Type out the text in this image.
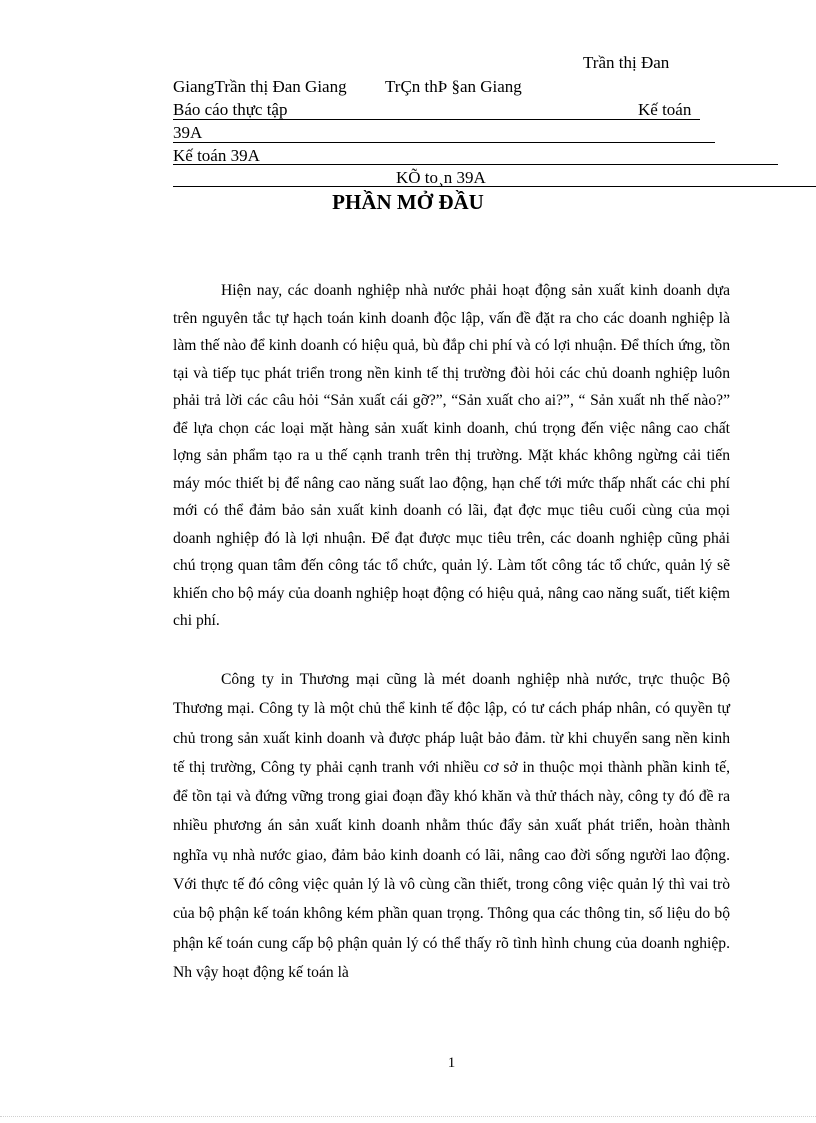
Trần thị Đan
GiangTrần thị Đan Giang TrÇn thÞ §an Giang
Báo cáo thực tập	Kế toán
39A
Kế toán 39A
KÕ to¸n 39A
PHẦN MỞ ĐẦU

Hiện nay, các doanh nghiệp nhà nước phải hoạt động sản xuất kinh doanh dựa trên nguyên tắc tự hạch toán kinh doanh độc lập, vấn đề đặt ra cho các doanh nghiệp là làm thế nào để kinh doanh có hiệu quả, bù đắp chi phí và có lợi nhuận. Để thích ứng, tồn tại và tiếp tục phát triển trong nền kinh tế thị trường đòi hỏi các chủ doanh nghiệp luôn phải trả lời các câu hỏi “Sản xuất cái gỡ?”, “Sản xuất cho ai?”, “ Sản xuất nh thế nào?” để lựa chọn các loại mặt hàng sản xuất kinh doanh, chú trọng đến việc nâng cao chất lợng sản phẩm tạo ra u thế cạnh tranh trên thị trường. Mặt khác không ngừng cải tiến máy móc thiết bị để nâng cao năng suất lao động, hạn chế tới mức thấp nhất các chi phí mới có thể đảm bảo sản xuất kinh doanh có lãi, đạt đợc mục tiêu cuối cùng của mọi doanh nghiệp đó là lợi nhuận. Để đạt được mục tiêu trên, các doanh nghiệp cũng phải chú trọng quan tâm đến công tác tổ chức, quản lý. Làm tốt công tác tổ chức, quản lý sẽ khiến cho bộ máy của doanh nghiệp hoạt động có hiệu quả, nâng cao năng suất, tiết kiệm chi phí.

Công ty in Thương mại cũng là mét doanh nghiệp nhà nước, trực thuộc Bộ Thương mại. Công ty là một chủ thể kinh tế độc lập, có tư cách pháp nhân, có quyền tự chủ trong sản xuất kinh doanh và được pháp luật bảo đảm. từ khi chuyển sang nền kinh tế thị trường, Công ty phải cạnh tranh với nhiều cơ sở in thuộc mọi thành phần kinh tế, để tồn tại và đứng vững trong giai đoạn đầy khó khăn và thử thách này, công ty đó đề ra nhiều phương án sản xuất kinh doanh nhằm thúc đẩy sản xuất phát triển, hoàn thành nghĩa vụ nhà nước giao, đảm bảo kinh doanh có lãi, nâng cao đời sống người lao động. Với thực tế đó công việc quản lý là vô cùng cần thiết, trong công việc quản lý thì vai trò của bộ phận kế toán không kém phần quan trọng. Thông qua các thông tin, số liệu do bộ phận kế toán cung cấp bộ phận quản lý có thể thấy rõ tình hình chung của doanh nghiệp. Nh vậy hoạt động kế toán là

1
